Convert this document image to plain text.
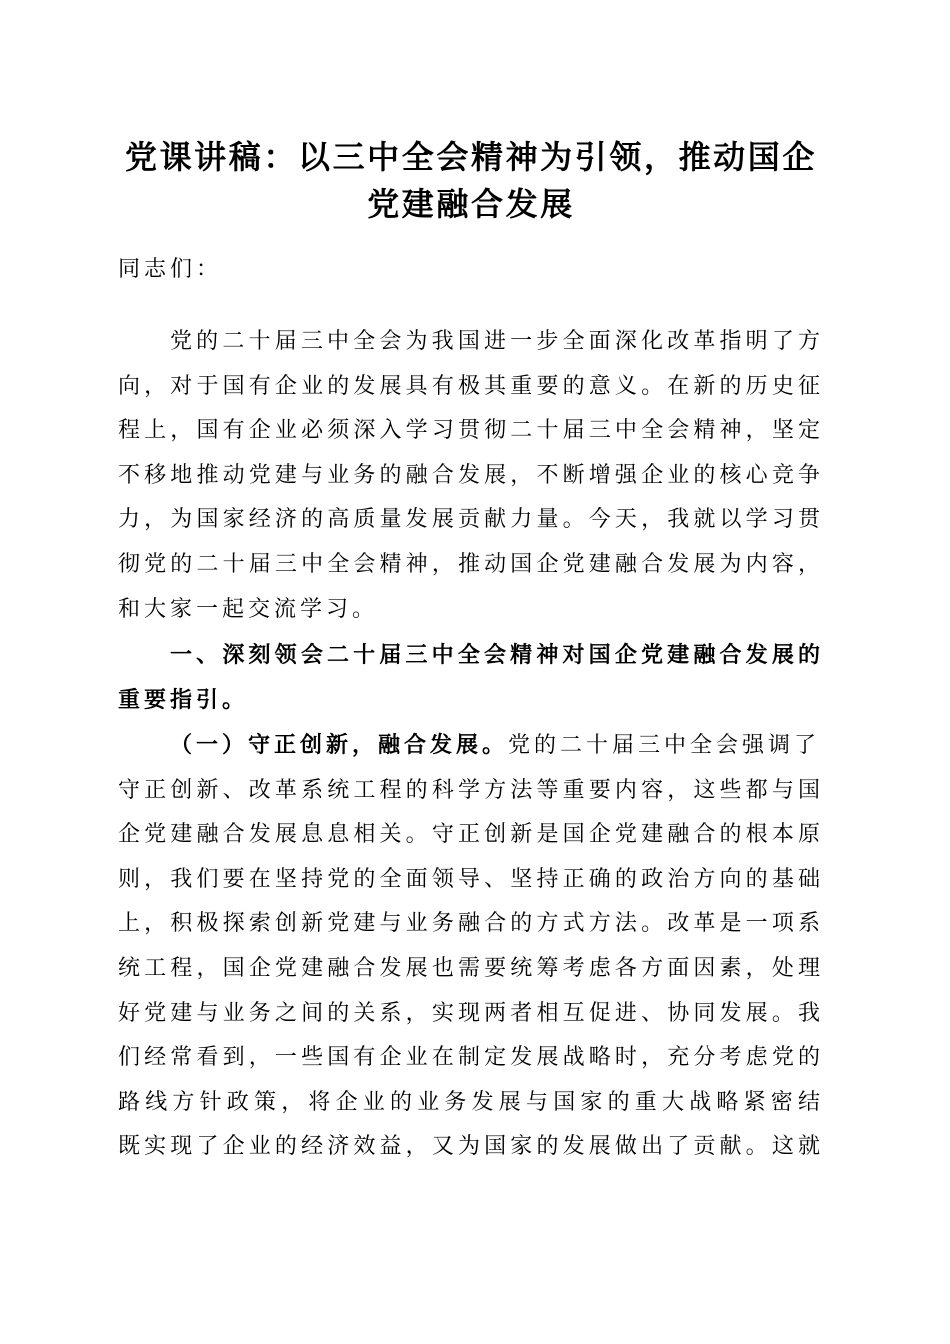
党课讲稿：以三中全会精神为引领，推动国企
党建融合发展
同志们：
党的二十届三中全会为我国进一步全面深化改革指明了方
向，对于国有企业的发展具有极其重要的意义。在新的历史征
程上，国有企业必须深入学习贯彻二十届三中全会精神，坚定
不移地推动党建与业务的融合发展，不断增强企业的核心竞争
力，为国家经济的高质量发展贡献力量。今天，我就以学习贯
彻党的二十届三中全会精神，推动国企党建融合发展为内容，
和大家一起交流学习。
一、深刻领会二十届三中全会精神对国企党建融合发展的
重要指引。
（一）守正创新，融合发展。党的二十届三中全会强调了
守正创新、改革系统工程的科学方法等重要内容，这些都与国
企党建融合发展息息相关。守正创新是国企党建融合的根本原
则，我们要在坚持党的全面领导、坚持正确的政治方向的基础
上，积极探索创新党建与业务融合的方式方法。改革是一项系
统工程，国企党建融合发展也需要统筹考虑各方面因素，处理
好党建与业务之间的关系，实现两者相互促进、协同发展。我
们经常看到，一些国有企业在制定发展战略时，充分考虑党的
路线方针政策，将企业的业务发展与国家的重大战略紧密结
既实现了企业的经济效益，又为国家的发展做出了贡献。这就
